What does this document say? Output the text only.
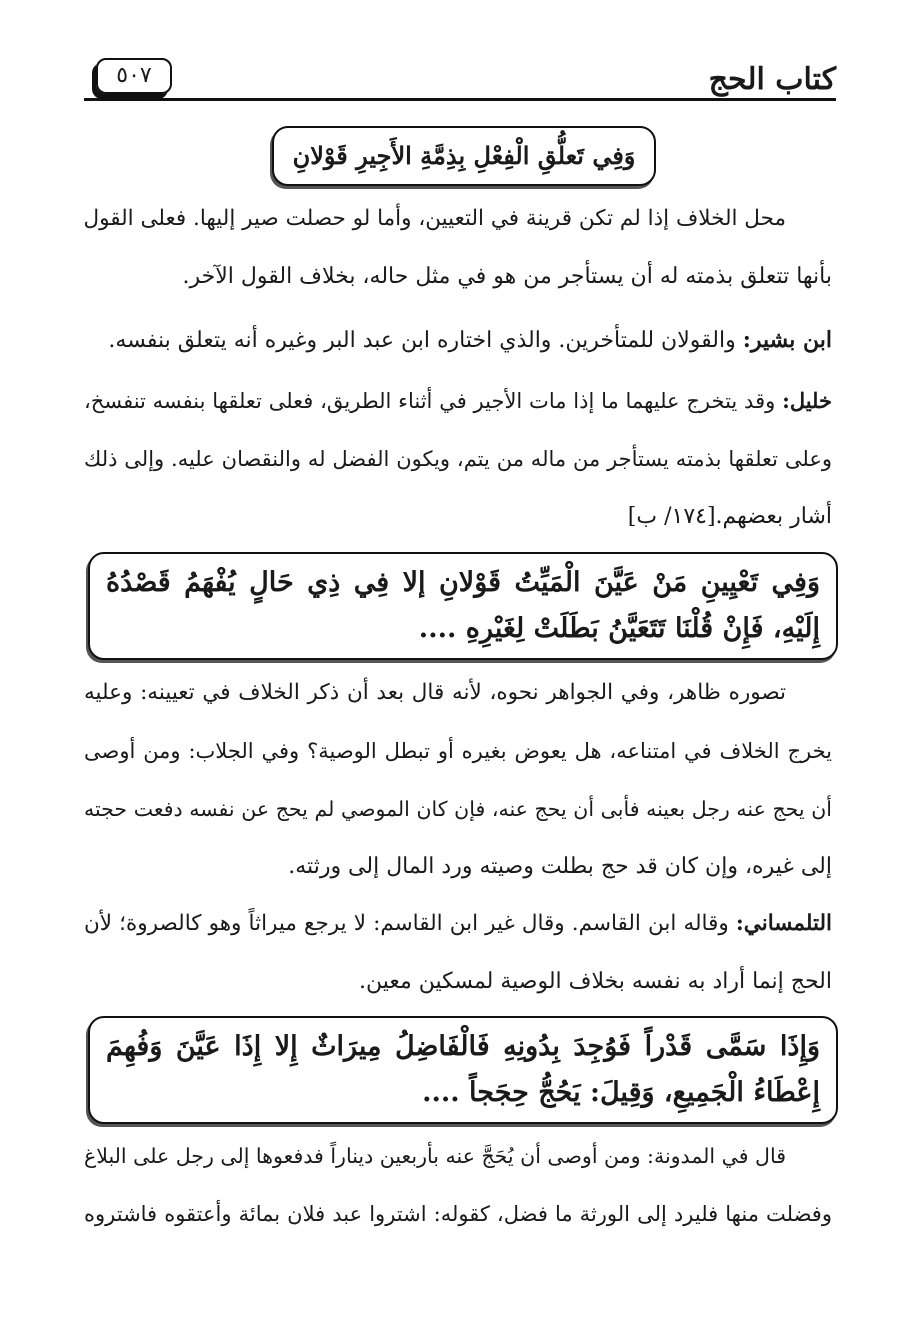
كتاب الحج
٥٠٧
وَفِي تَعلُّقِ الْفِعْلِ بِذِمَّةِ الأَجِيرِ قَوْلانِ
محل الخلاف إذا لم تكن قرينة في التعيين، وأما لو حصلت صير إليها. فعلى القول
بأنها تتعلق بذمته له أن يستأجر من هو في مثل حاله، بخلاف القول الآخر.
ابن بشير: والقولان للمتأخرين. والذي اختاره ابن عبد البر وغيره أنه يتعلق بنفسه.
خليل: وقد يتخرج عليهما ما إذا مات الأجير في أثناء الطريق، فعلى تعلقها بنفسه تنفسخ،
وعلى تعلقها بذمته يستأجر من ماله من يتم، ويكون الفضل له والنقصان عليه. وإلى ذلك
أشار بعضهم.[١٧٤/ ب]
وَفِي تَعْيِينِ مَنْ عَيَّنَ الْمَيِّتُ قَوْلانِ إلا فِي ذِي حَالٍ يُفْهَمُ قَصْدُهُ
إِلَيْهِ، فَإِنْ قُلْنَا تَتَعَيَّنُ بَطَلَتْ لِغَيْرِهِ ....
تصوره ظاهر، وفي الجواهر نحوه، لأنه قال بعد أن ذكر الخلاف في تعيينه: وعليه
يخرج الخلاف في امتناعه، هل يعوض بغيره أو تبطل الوصية؟ وفي الجلاب: ومن أوصى
أن يحج عنه رجل بعينه فأبى أن يحج عنه، فإن كان الموصي لم يحج عن نفسه دفعت حجته
إلى غيره، وإن كان قد حج بطلت وصيته ورد المال إلى ورثته.
التلمساني: وقاله ابن القاسم. وقال غير ابن القاسم: لا يرجع ميراثاً وهو كالصروة؛ لأن
الحج إنما أراد به نفسه بخلاف الوصية لمسكين معين.
وَإِذَا سَمَّى قَدْراً فَوُجِدَ بِدُونِهِ فَالْفَاضِلُ مِيرَاثٌ إِلا إِذَا عَيَّنَ وَفُهِمَ
إِعْطَاءُ الْجَمِيعِ، وَقِيلَ: يَحُجُّ حِجَجاً ....
قال في المدونة: ومن أوصى أن يُحَجَّ عنه بأربعين ديناراً فدفعوها إلى رجل على البلاغ
وفضلت منها فليرد إلى الورثة ما فضل، كقوله: اشتروا عبد فلان بمائة وأعتقوه فاشتروه
